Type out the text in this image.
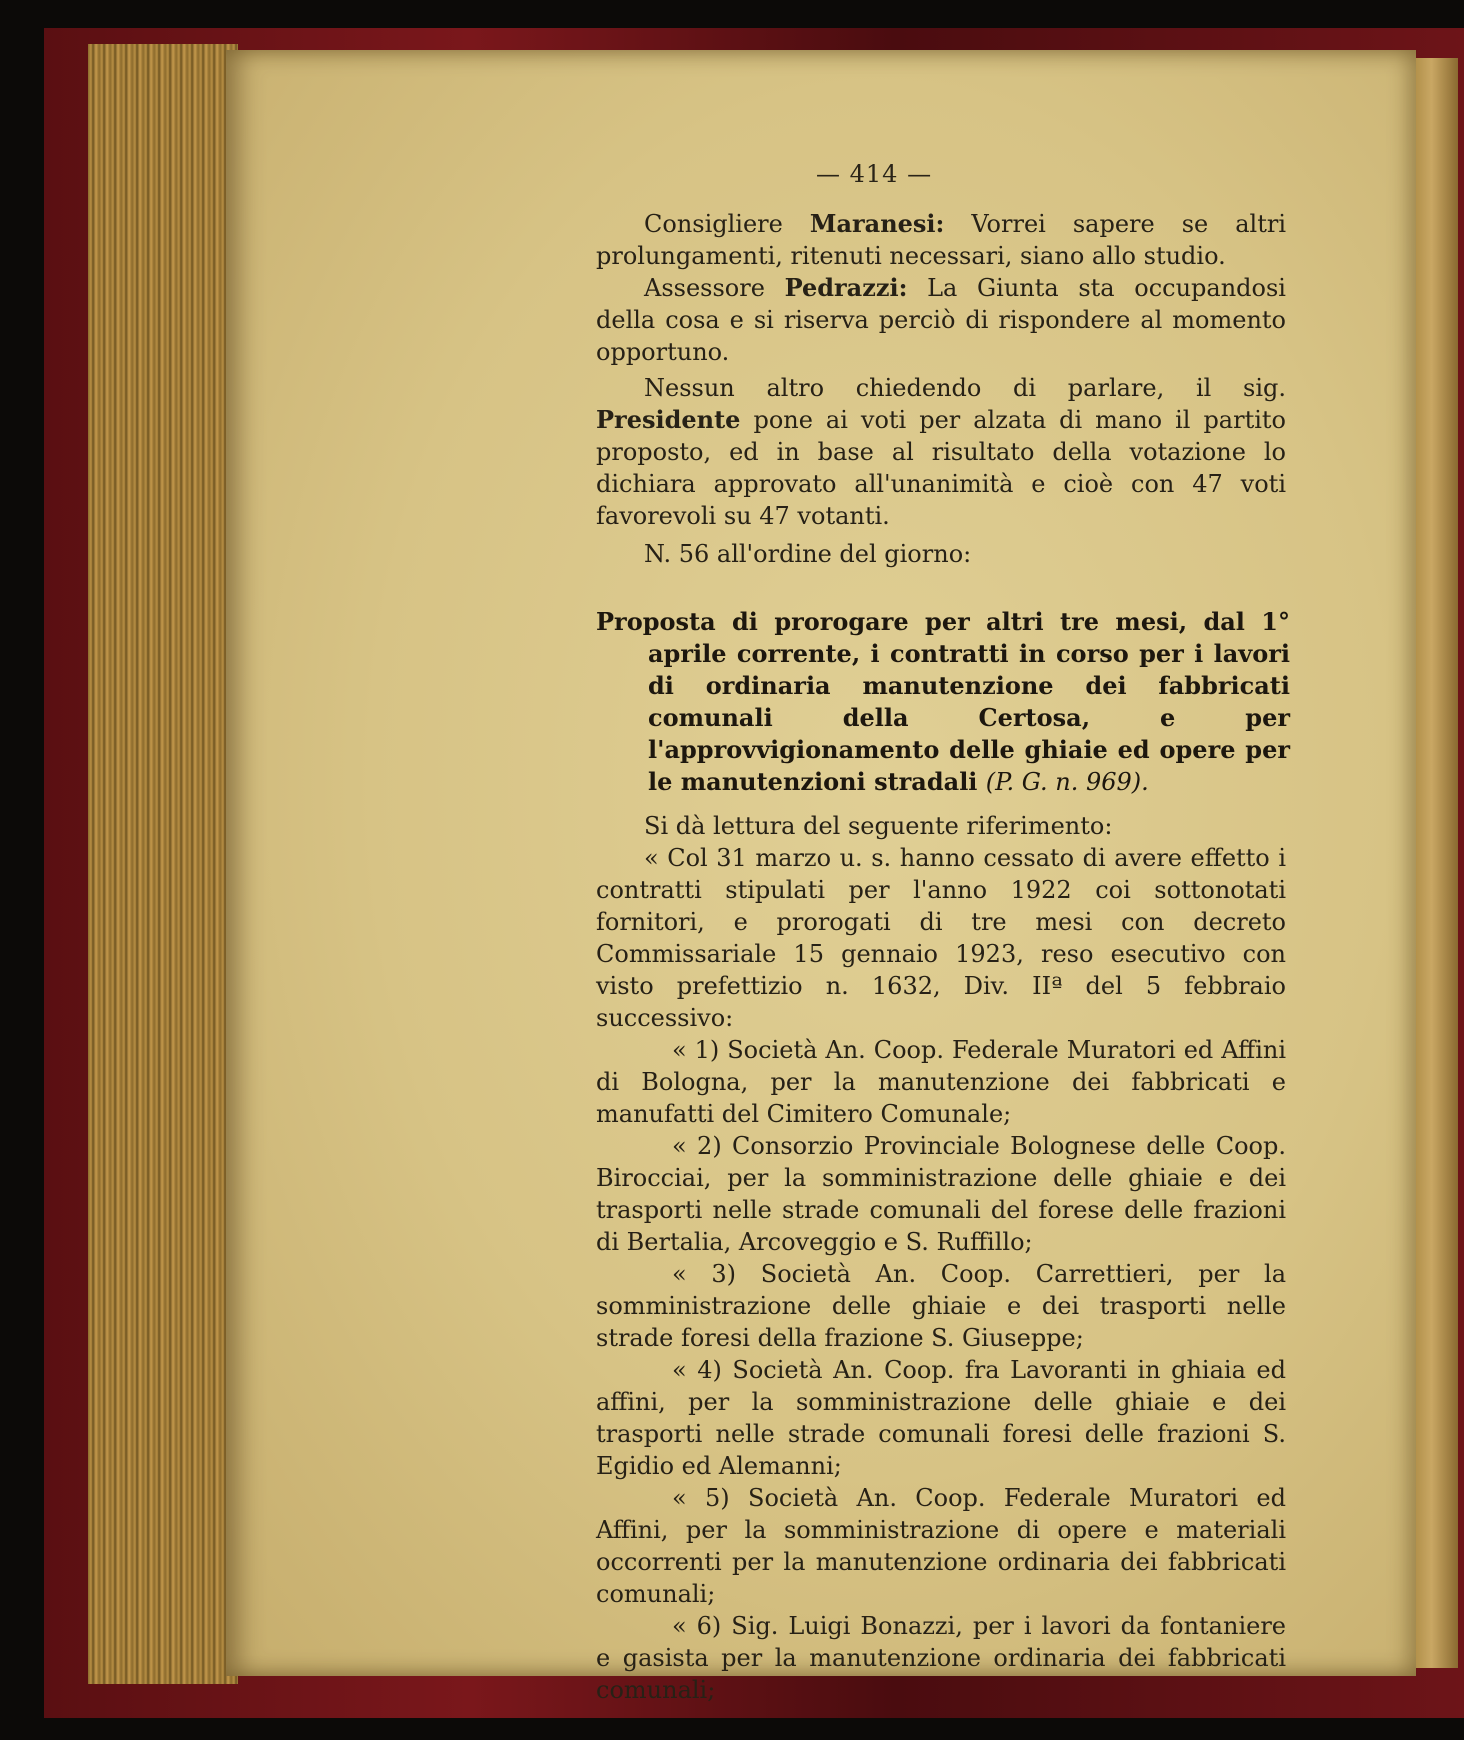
— 414 —

Consigliere Maranesi: Vorrei sapere se altri prolungamenti, ritenuti necessari, siano allo studio.

Assessore Pedrazzi: La Giunta sta occupandosi della cosa e si riserva perciò di rispondere al momento opportuno.

Nessun altro chiedendo di parlare, il sig. Presidente pone ai voti per alzata di mano il partito proposto, ed in base al risultato della votazione lo dichiara approvato all'unanimità e cioè con 47 voti favorevoli su 47 votanti.

N. 56 all'ordine del giorno:

Proposta di prorogare per altri tre mesi, dal 1° aprile corrente, i contratti in corso per i lavori di ordinaria manutenzione dei fabbricati comunali della Certosa, e per l'approvvigionamento delle ghiaie ed opere per le manutenzioni stradali (P. G. n. 969).

Si dà lettura del seguente riferimento:

« Col 31 marzo u. s. hanno cessato di avere effetto i contratti stipulati per l'anno 1922 coi sottonotati fornitori, e prorogati di tre mesi con decreto Commissariale 15 gennaio 1923, reso esecutivo con visto prefettizio n. 1632, Div. IIª del 5 febbraio successivo:

« 1) Società An. Coop. Federale Muratori ed Affini di Bologna, per la manutenzione dei fabbricati e manufatti del Cimitero Comunale;

« 2) Consorzio Provinciale Bolognese delle Coop. Birocciai, per la somministrazione delle ghiaie e dei trasporti nelle strade comunali del forese delle frazioni di Bertalia, Arcoveggio e S. Ruffillo;

« 3) Società An. Coop. Carrettieri, per la somministrazione delle ghiaie e dei trasporti nelle strade foresi della frazione S. Giuseppe;

« 4) Società An. Coop. fra Lavoranti in ghiaia ed affini, per la somministrazione delle ghiaie e dei trasporti nelle strade comunali foresi delle frazioni S. Egidio ed Alemanni;

« 5) Società An. Coop. Federale Muratori ed Affini, per la somministrazione di opere e materiali occorrenti per la manutenzione ordinaria dei fabbricati comunali;

« 6) Sig. Luigi Bonazzi, per i lavori da fontaniere e gasista per la manutenzione ordinaria dei fabbricati comunali;
